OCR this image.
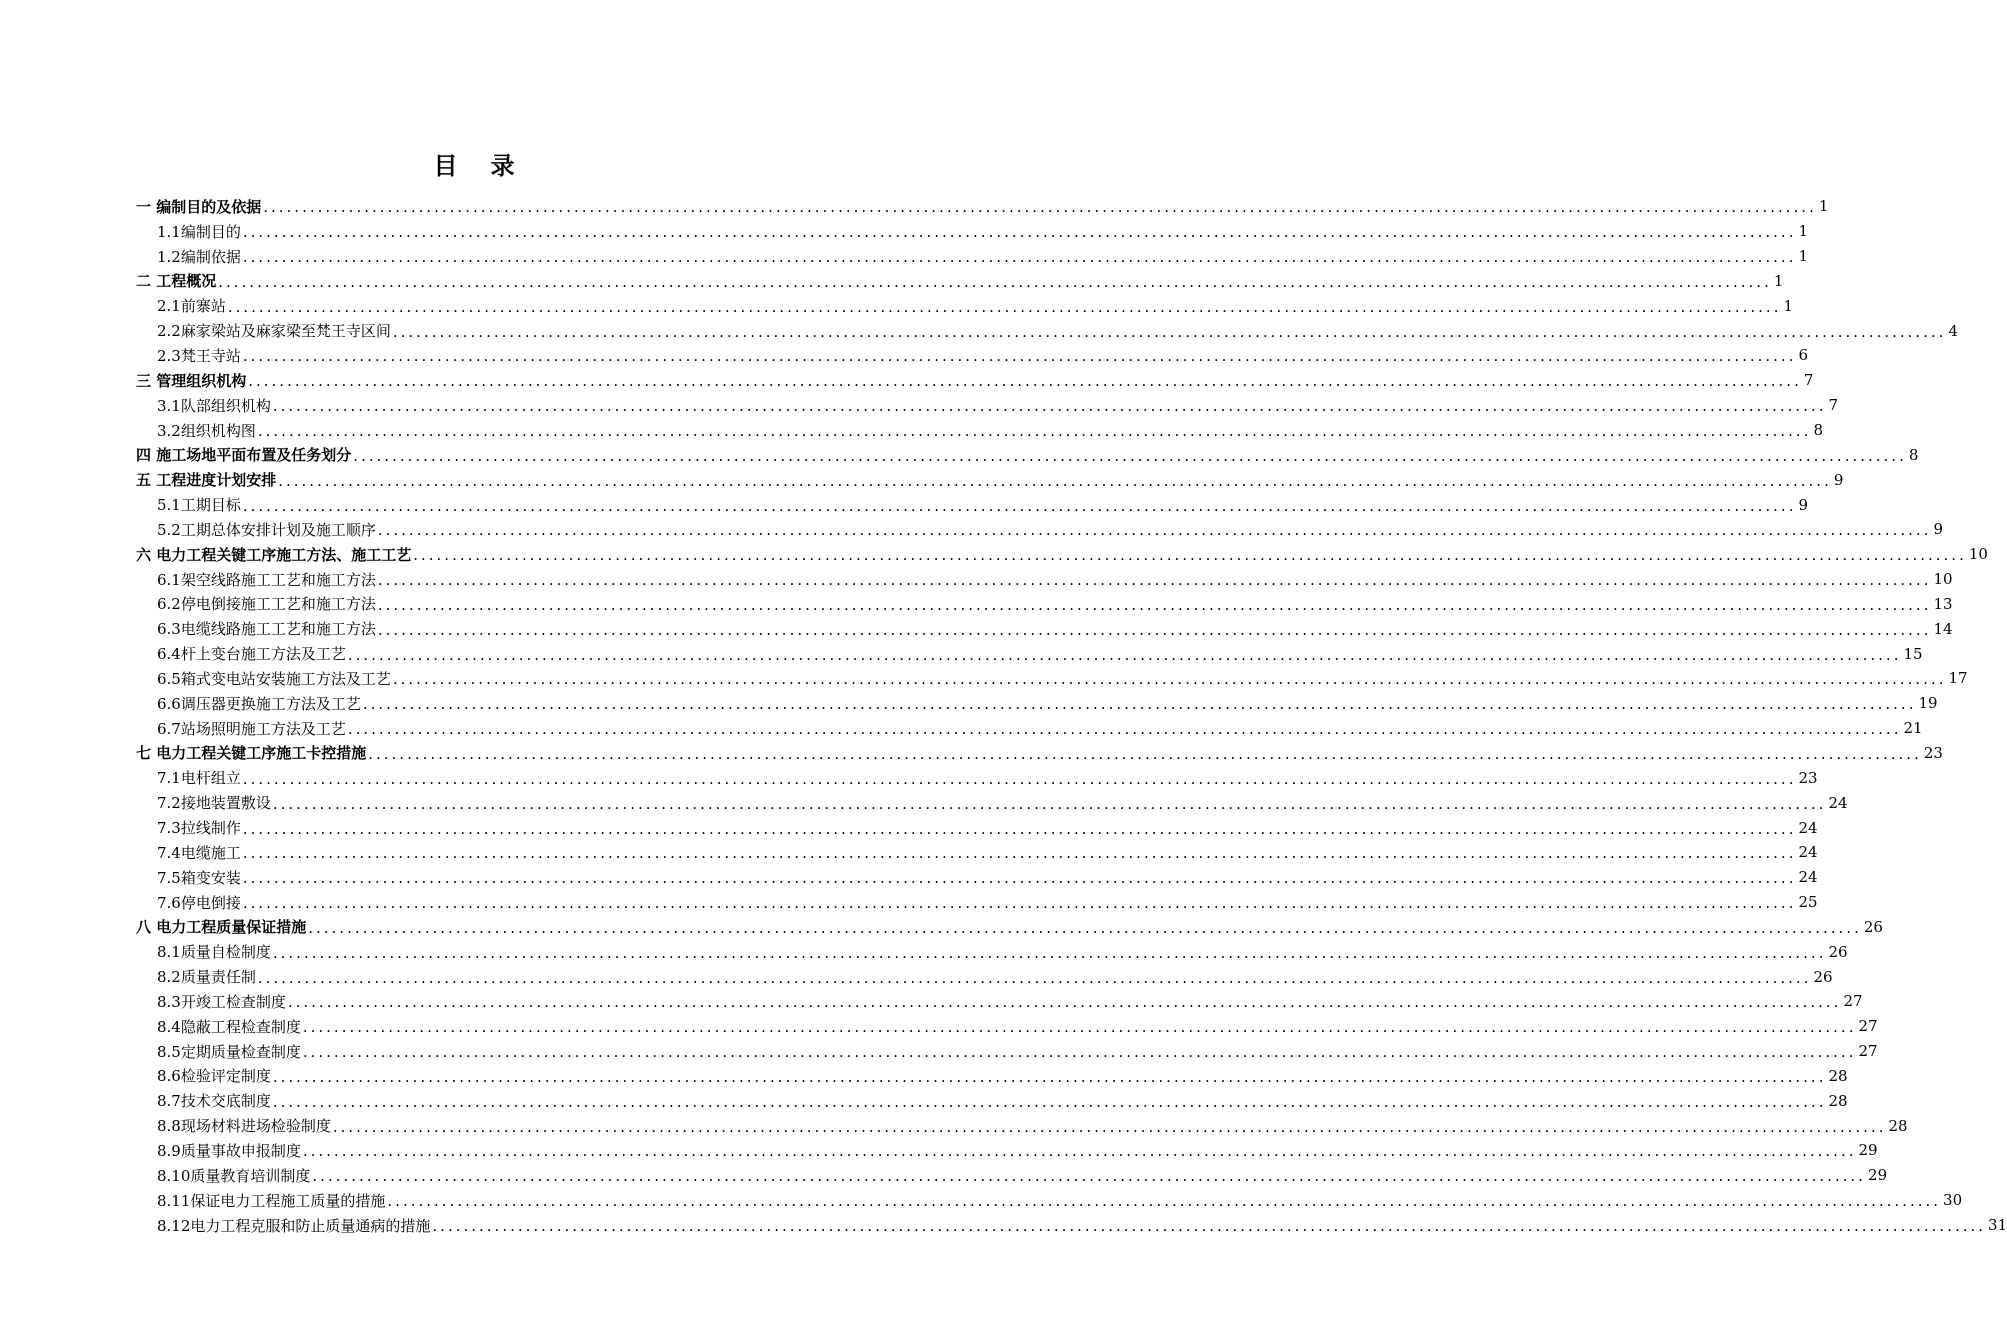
目   录
一 编制目的及依据 ........................................................................................................................................................................................................ 1
1.1编制目的 ........................................................................................................................................................................................................ 1
1.2编制依据 ........................................................................................................................................................................................................ 1
二 工程概况 ........................................................................................................................................................................................................ 1
2.1前寨站 ........................................................................................................................................................................................................ 1
2.2麻家梁站及麻家梁至梵王寺区间 ........................................................................................................................................................................................................ 4
2.3梵王寺站 ........................................................................................................................................................................................................ 6
三 管理组织机构 ........................................................................................................................................................................................................ 7
3.1队部组织机构 ........................................................................................................................................................................................................ 7
3.2组织机构图 ........................................................................................................................................................................................................ 8
四 施工场地平面布置及任务划分 ........................................................................................................................................................................................................ 8
五 工程进度计划安排 ........................................................................................................................................................................................................ 9
5.1工期目标 ........................................................................................................................................................................................................ 9
5.2工期总体安排计划及施工顺序 ........................................................................................................................................................................................................ 9
六 电力工程关键工序施工方法、施工工艺 ........................................................................................................................................................................................................ 10
6.1架空线路施工工艺和施工方法 ........................................................................................................................................................................................................ 10
6.2停电倒接施工工艺和施工方法 ........................................................................................................................................................................................................ 13
6.3电缆线路施工工艺和施工方法 ........................................................................................................................................................................................................ 14
6.4杆上变台施工方法及工艺 ........................................................................................................................................................................................................ 15
6.5箱式变电站安装施工方法及工艺 ........................................................................................................................................................................................................ 17
6.6调压器更换施工方法及工艺 ........................................................................................................................................................................................................ 19
6.7站场照明施工方法及工艺 ........................................................................................................................................................................................................ 21
七 电力工程关键工序施工卡控措施 ........................................................................................................................................................................................................ 23
7.1电杆组立 ........................................................................................................................................................................................................ 23
7.2接地装置敷设 ........................................................................................................................................................................................................ 24
7.3拉线制作 ........................................................................................................................................................................................................ 24
7.4电缆施工 ........................................................................................................................................................................................................ 24
7.5箱变安装 ........................................................................................................................................................................................................ 24
7.6停电倒接 ........................................................................................................................................................................................................ 25
八 电力工程质量保证措施 ........................................................................................................................................................................................................ 26
8.1质量自检制度 ........................................................................................................................................................................................................ 26
8.2质量责任制 ........................................................................................................................................................................................................ 26
8.3开竣工检查制度 ........................................................................................................................................................................................................ 27
8.4隐蔽工程检查制度 ........................................................................................................................................................................................................ 27
8.5定期质量检查制度 ........................................................................................................................................................................................................ 27
8.6检验评定制度 ........................................................................................................................................................................................................ 28
8.7技术交底制度 ........................................................................................................................................................................................................ 28
8.8现场材料进场检验制度 ........................................................................................................................................................................................................ 28
8.9质量事故申报制度 ........................................................................................................................................................................................................ 29
8.10质量教育培训制度 ........................................................................................................................................................................................................ 29
8.11保证电力工程施工质量的措施 ........................................................................................................................................................................................................ 30
8.12电力工程克服和防止质量通病的措施 ........................................................................................................................................................................................................ 31
